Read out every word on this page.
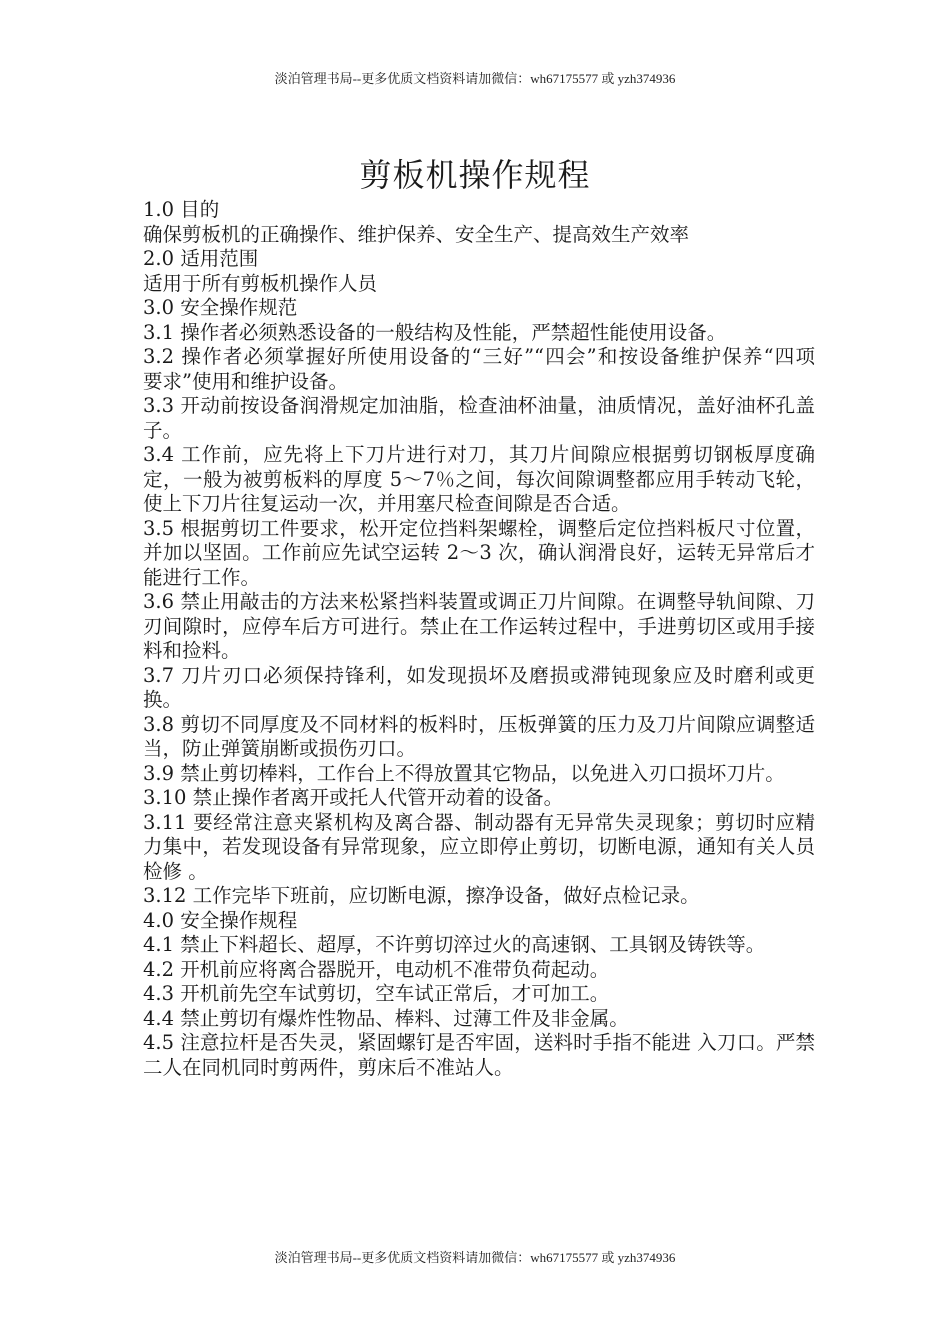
淡泊管理书局--更多优质文档资料请加微信：wh67175577 或 yzh374936
剪板机操作规程

1.0 目的

确保剪板机的正确操作、维护保养、安全生产、提高效生产效率

2.0 适用范围

适用于所有剪板机操作人员

3.0 安全操作规范

3.1 操作者必须熟悉设备的一般结构及性能，严禁超性能使用设备。

3.2 操作者必须掌握好所使用设备的“三好”“四会”和按设备维护保养“四项　要求”使用和维护设备。

3.3 开动前按设备润滑规定加油脂，检查油杯油量，油质情况，盖好油杯孔盖子。

3.4 工作前，应先将上下刀片进行对刀，其刀片间隙应根据剪切钢板厚度确定，一般为被剪板料的厚度 5～7％之间，每次间隙调整都应用手转动飞轮，使上下刀片往复运动一次，并用塞尺检查间隙是否合适。

3.5 根据剪切工件要求，松开定位挡料架螺栓，调整后定位挡料板尺寸位置，并加以坚固。工作前应先试空运转 2～3 次，确认润滑良好，运转无异常后才能进行工作。

3.6 禁止用敲击的方法来松紧挡料装置或调正刀片间隙。在调整导轨间隙、刀刃间隙时，应停车后方可进行。禁止在工作运转过程中，手进剪切区或用手接料和捡料。

3.7 刀片刃口必须保持锋利，如发现损坏及磨损或滞钝现象应及时磨利或更换。

3.8 剪切不同厚度及不同材料的板料时，压板弹簧的压力及刀片间隙应调整适当，防止弹簧崩断或损伤刃口。

3.9 禁止剪切棒料，工作台上不得放置其它物品，以免进入刃口损坏刀片。

3.10 禁止操作者离开或托人代管开动着的设备。

3.11 要经常注意夹紧机构及离合器、制动器有无异常失灵现象；剪切时应精力集中，若发现设备有异常现象，应立即停止剪切，切断电源，通知有关人员检修 。

3.12 工作完毕下班前，应切断电源，擦净设备，做好点检记录。

4.0 安全操作规程

4.1 禁止下料超长、超厚，不许剪切淬过火的高速钢、工具钢及铸铁等。

4.2 开机前应将离合器脱开，电动机不准带负荷起动。

4.3 开机前先空车试剪切，空车试正常后，才可加工。

4.4 禁止剪切有爆炸性物品、棒料、过薄工件及非金属。

4.5 注意拉杆是否失灵，紧固螺钉是否牢固，送料时手指不能进 入刀口。严禁二人在同机同时剪两件，剪床后不准站人。

淡泊管理书局--更多优质文档资料请加微信：wh67175577 或 yzh374936
